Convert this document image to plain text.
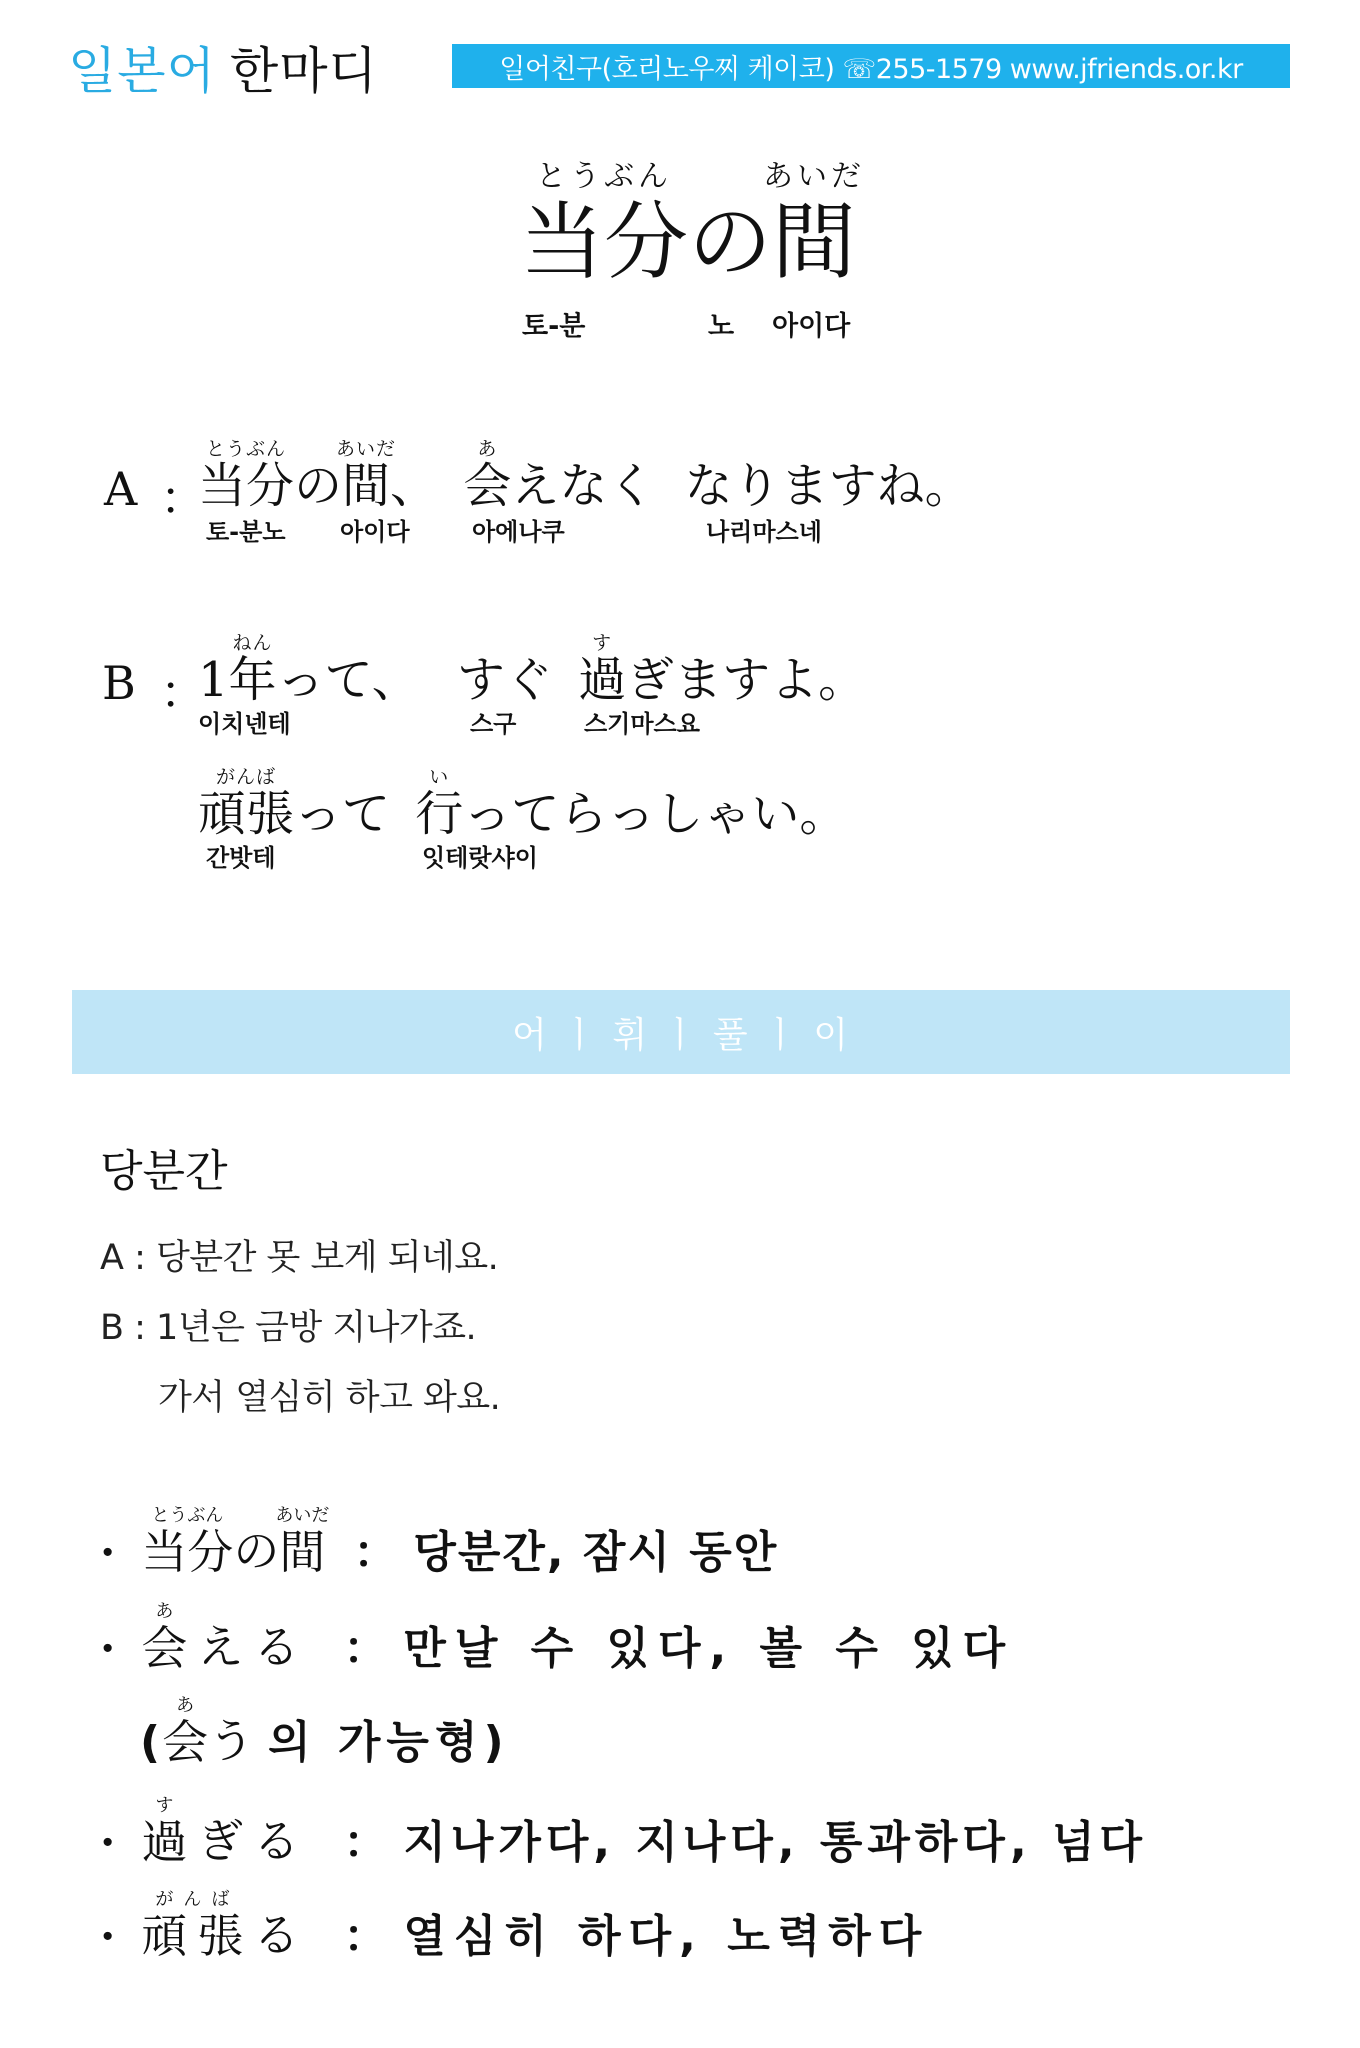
일본어 한마디	일어친구(호리노우찌 케이코) ☏255-1579 www.jfriends.or.kr
とうぶん
当分の
あいだ
間
토-분	노 아이다
A ：
とうぶん
当分の
あいだ
間、
あ
会えなく なりますね。
토-분노 아이다	아에나쿠	나리마스네
B ：
1
ねん
年って、 すぐ
す
過ぎますよ。
이치넨테	스구	스기마스요
がんば
頑張って
い
行ってらっしゃい。
간밧테	잇테랏샤이
어 ㅣ 휘 ㅣ 풀 ㅣ 이
당분간
A : 당분간 못 보게 되네요.
B : 1년은 금방 지나가죠.
가서 열심히 하고 와요.
·
とうぶん
当分の
あいだ
間 ： 당분간, 잠시 동안
·
あ
会える ： 만날 수 있다, 볼 수 있다
(
あ
会う 의 가능형)
·
す
過ぎる ： 지나가다, 지나다, 통과하다, 넘다
·
がんば
頑張る ： 열심히 하다, 노력하다
